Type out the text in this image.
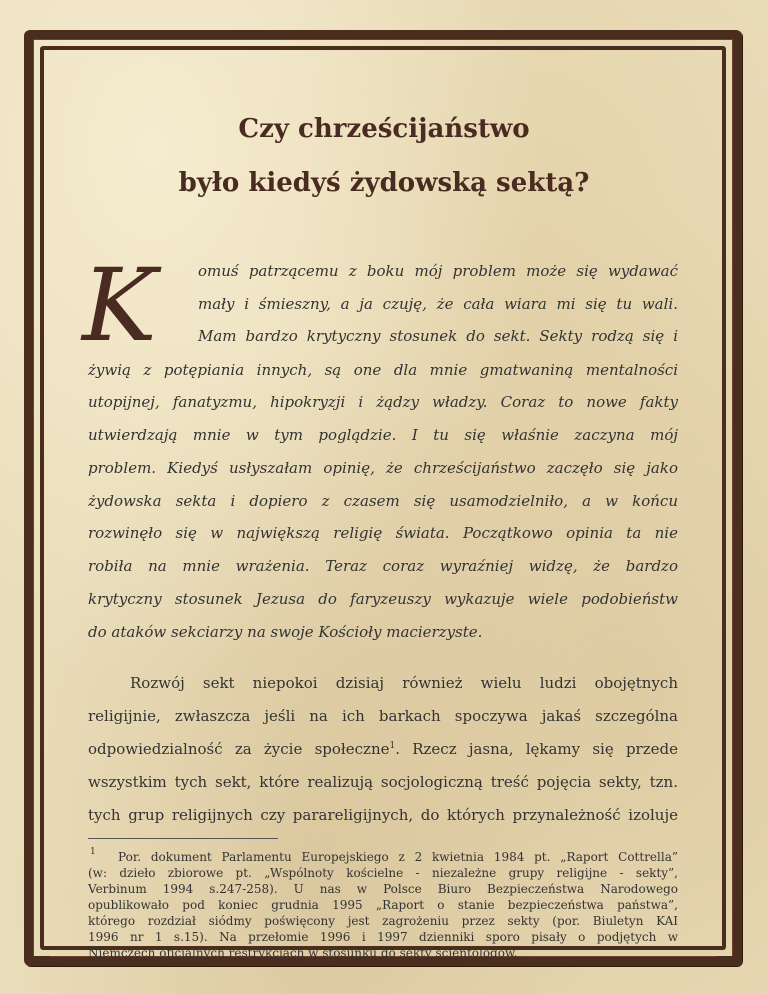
Czy chrześcijaństwo
było kiedyś żydowską sektą?
K	omuś patrzącemu z boku mój problem może się wydawać
mały i śmieszny, a ja czuję, że cała wiara mi się tu wali.
Mam bardzo krytyczny stosunek do sekt. Sekty rodzą się i
żywią z potępiania innych, są one dla mnie gmatwaniną mentalności
utopijnej, fanatyzmu, hipokryzji i żądzy władzy. Coraz to nowe fakty
utwierdzają mnie w tym poglądzie. I tu się właśnie zaczyna mój
problem. Kiedyś usłyszałam opinię, że chrześcijaństwo zaczęło się jako
żydowska sekta i dopiero z czasem się usamodzielniło, a w końcu
rozwinęło się w największą religię świata. Początkowo opinia ta nie
robiła na mnie wrażenia. Teraz coraz wyraźniej widzę, że bardzo
krytyczny stosunek Jezusa do faryzeuszy wykazuje wiele podobieństw
do ataków sekciarzy na swoje Kościoły macierzyste.
Rozwój sekt niepokoi dzisiaj również wielu ludzi obojętnych
religijnie, zwłaszcza jeśli na ich barkach spoczywa jakaś szczególna
odpowiedzialność za życie społeczne$^1$. Rzecz jasna, lękamy się przede
wszystkim tych sekt, które realizują socjologiczną treść pojęcia sekty, tzn.
tych grup religijnych czy parareligijnych, do których przynależność izoluje
1 Por. dokument Parlamentu Europejskiego z 2 kwietnia 1984 pt. „Raport Cottrella”
(w: dziełо zbiorowe pt. „Wspólnoty kościelne - niezależne grupy religijne - sekty”,
Verbinum 1994 s.247-258). U nas w Polsce Biuro Bezpieczeństwa Narodowego
opublikowało pod koniec grudnia 1995 „Raport o stanie bezpieczeństwa państwa”,
którego rozdział siódmy poświęcony jest zagrożeniu przez sekty (por. Biuletyn KAI
1996 nr 1 s.15). Na przełomie 1996 i 1997 dzienniki sporo pisały o podjętych w
Niemczech oficjalnych restrykcjach w stosunku do sekty scjentologów.
